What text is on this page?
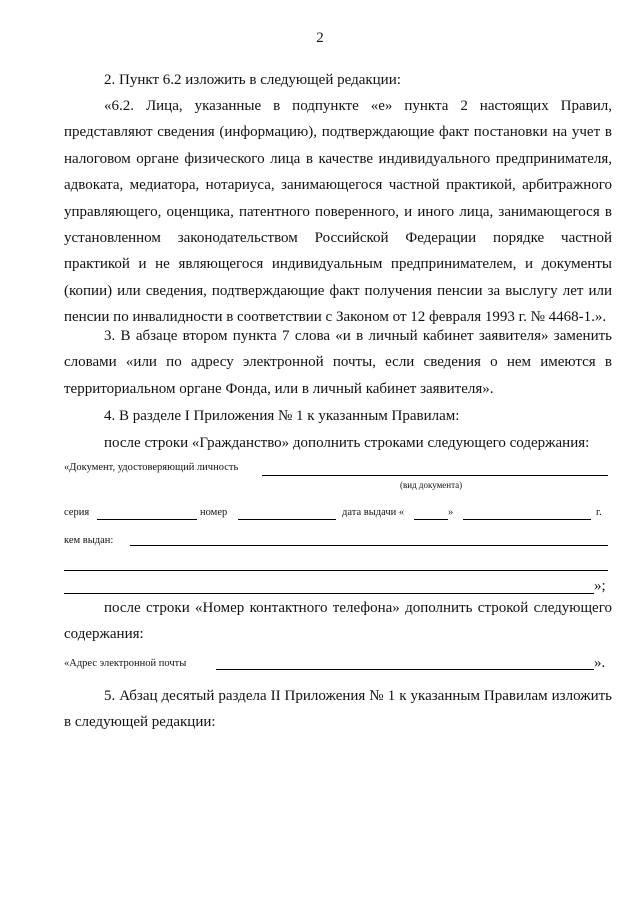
2
2. Пункт 6.2 изложить в следующей редакции:
«6.2. Лица, указанные в подпункте «е» пункта 2 настоящих Правил, представляют сведения (информацию), подтверждающие факт постановки на учет в налоговом органе физического лица в качестве индивидуального предпринимателя, адвоката, медиатора, нотариуса, занимающегося частной практикой, арбитражного управляющего, оценщика, патентного поверенного, и иного лица, занимающегося в установленном законодательством Российской Федерации порядке частной практикой и не являющегося индивидуальным предпринимателем, и документы (копии) или сведения, подтверждающие факт получения пенсии за выслугу лет или пенсии по инвалидности в соответствии с Законом от 12 февраля 1993 г. № 4468-1.».
3. В абзаце втором пункта 7 слова «и в личный кабинет заявителя» заменить словами «или по адресу электронной почты, если сведения о нем имеются в территориальном органе Фонда, или в личный кабинет заявителя».
4. В разделе I Приложения № 1 к указанным Правилам:
после строки «Гражданство» дополнить строками следующего содержания:
«Документ, удостоверяющий личность
(вид документа)
серия	номер	дата выдачи «	»	г.
кем выдан:
»;
после строки «Номер контактного телефона» дополнить строкой следующего содержания:
«Адрес электронной почты	».
5. Абзац десятый раздела II Приложения № 1 к указанным Правилам изложить в следующей редакции:
